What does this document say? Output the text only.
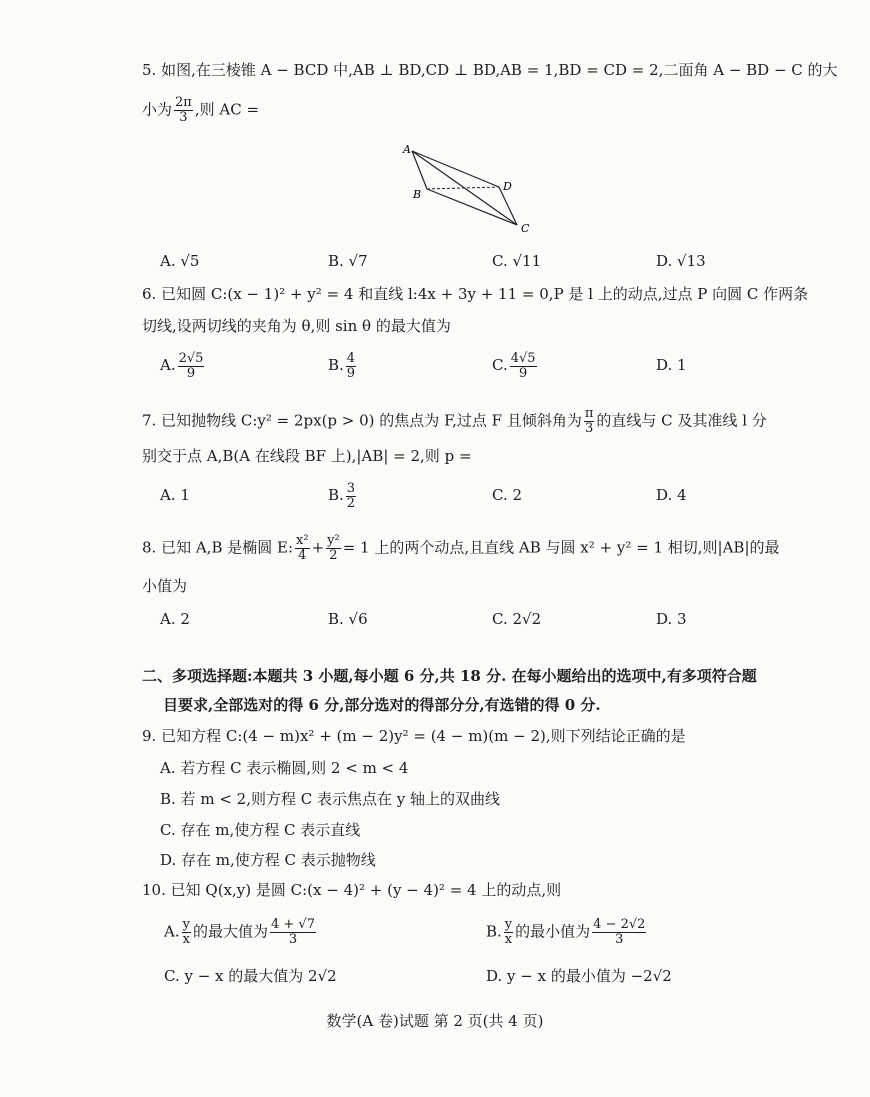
5. 如图,在三棱锥 A − BCD 中,AB ⊥ BD,CD ⊥ BD,AB = 1,BD = CD = 2,二面角 A − BD − C 的大
小为 $\frac{2\pi}{3}$ ,则 AC =
A
B
D
C
A. √5	B. √7	C. √11	D. √13
6. 已知圆 C:(x − 1)² + y² = 4 和直线 l:4x + 3y + 11 = 0,P 是 l 上的动点,过点 P 向圆 C 作两条
切线,设两切线的夹角为 θ,则 sin θ 的最大值为
A. $\frac{2√5}{9}$	B. $\frac{4}{9}$	C. $\frac{4√5}{9}$	D. 1
7. 已知抛物线 C:y² = 2px(p > 0) 的焦点为 F,过点 F 且倾斜角为 $\frac{\pi}{3}$ 的直线与 C 及其准线 l 分
别交于点 A,B(A 在线段 BF 上),|AB| = 2,则 p =
A. 1	B. $\frac{3}{2}$	C. 2	D. 4
8. 已知 A,B 是椭圆 E: $\frac{\text{x²}}{4} + \frac{\text{y²}}{2} = 1$ 上的两个动点,且直线 AB 与圆 x² + y² = 1 相切,则|AB|的最
小值为
A. 2	B. √6	C. 2√2	D. 3
二、多项选择题:本题共 3 小题,每小题 6 分,共 18 分. 在每小题给出的选项中,有多项符合题
目要求,全部选对的得 6 分,部分选对的得部分分,有选错的得 0 分.
9. 已知方程 C:(4 − m)x² + (m − 2)y² = (4 − m)(m − 2),则下列结论正确的是
A. 若方程 C 表示椭圆,则 2 < m < 4
B. 若 m < 2,则方程 C 表示焦点在 y 轴上的双曲线
C. 存在 m,使方程 C 表示直线
D. 存在 m,使方程 C 表示抛物线
10. 已知 Q(x,y) 是圆 C:(x − 4)² + (y − 4)² = 4 上的动点,则
A. $\frac{y}{x}$ 的最大值为 $\frac{4 + √7}{3}$	B. $\frac{y}{x}$ 的最小值为 $\frac{4 - 2√2}{3}$
C. y − x 的最大值为 2√2	D. y − x 的最小值为 −2√2
数学(A 卷)试题 第 2 页(共 4 页)
